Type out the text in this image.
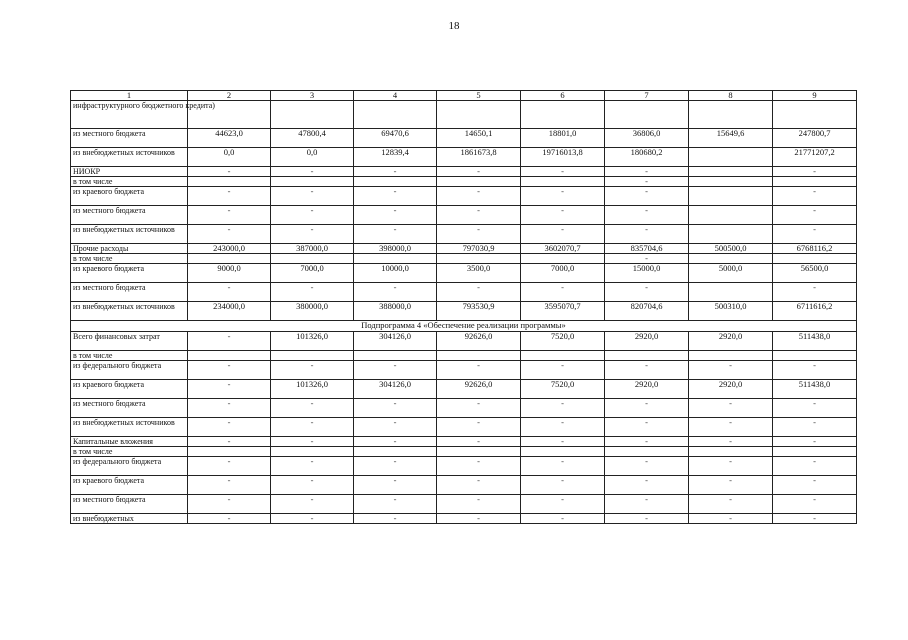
18
1	2	3	4	5	6	7	8	9
инфраструктурного бюджетного кредита)								
из местного бюджета	44623,0	47800,4	69470,6	14650,1	18801,0	36806,0	15649,6	247800,7
из внебюджетных источников	0,0	0,0	12839,4	1861673,8	19716013,8	180680,2		21771207,2
НИОКР	-	-	-	-	-	-		-
в том числе						-		
из краевого бюджета	-	-	-	-	-	-		-
из местного бюджета	-	-	-	-	-	-		-
из внебюджетных источников	-	-	-	-	-	-		-
Прочие расходы	243000,0	387000,0	398000,0	797030,9	3602070,7	835704,6	500500,0	6768116,2
в том числе						-		
из краевого бюджета	9000,0	7000,0	10000,0	3500,0	7000,0	15000,0	5000,0	56500,0
из местного бюджета	-	-	-	-	-	-		-
из внебюджетных источников	234000,0	380000,0	388000,0	793530,9	3595070,7	820704,6	500310,0	6711616,2
Подпрограмма 4 «Обеспечение реализации программы»								
Всего финансовых затрат	-	101326,0	304126,0	92626,0	7520,0	2920,0	2920,0	511438,0
в том числе								
из федерального бюджета	-	-	-	-	-	-	-	-
из краевого бюджета	-	101326,0	304126,0	92626,0	7520,0	2920,0	2920,0	511438,0
из местного бюджета	-	-	-	-	-	-	-	-
из внебюджетных источников	-	-	-	-	-	-	-	-
Капитальные вложения	-	-	-	-	-	-	-	-
в том числе								
из федерального бюджета	-	-	-	-	-	-	-	-
из краевого бюджета	-	-	-	-	-	-	-	-
из местного бюджета	-	-	-	-	-	-	-	-
из внебюджетных	-	-	-	-	-	-	-	-
